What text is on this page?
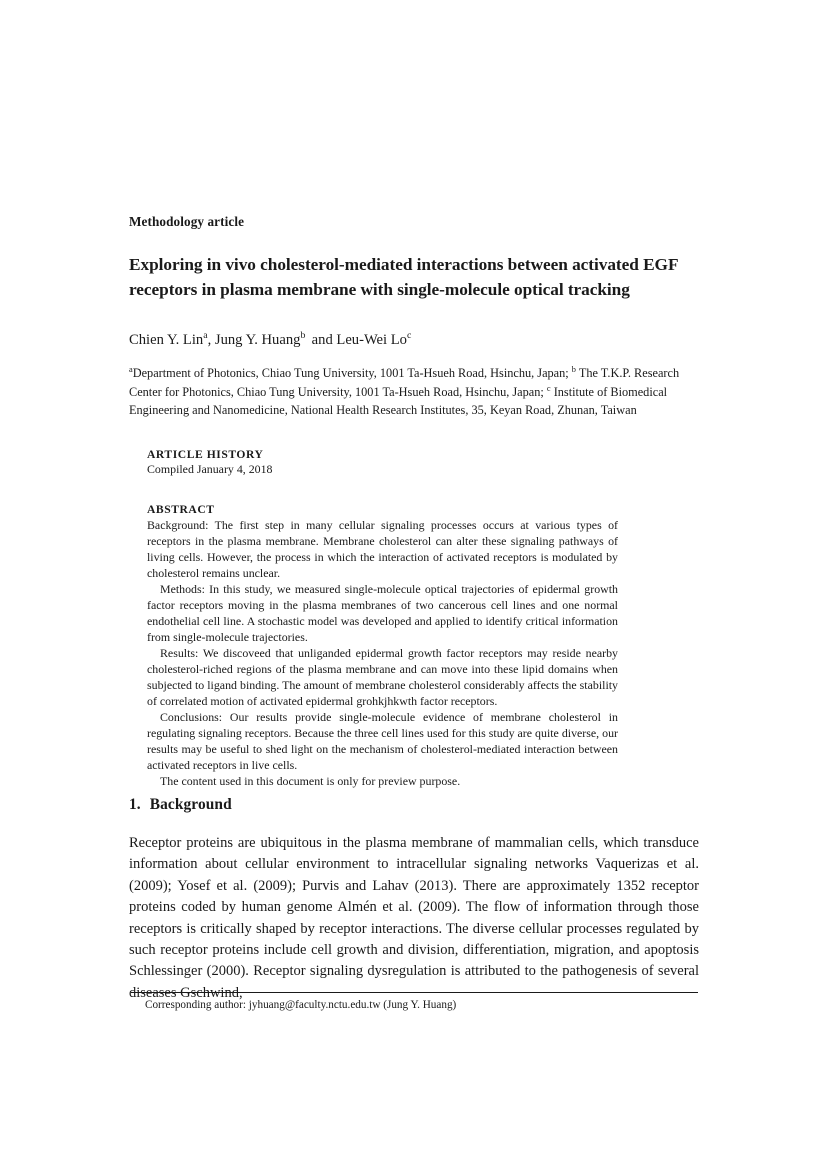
Methodology article

Exploring in vivo cholesterol-mediated interactions between activated EGF receptors in plasma membrane with single-molecule optical tracking

Chien Y. Lin$^a$, Jung Y. Huang$^b$ and Leu-Wei Lo$^c$

$^a$Department of Photonics, Chiao Tung University, 1001 Ta-Hsueh Road, Hsinchu, Japan; $^b$ The T.K.P. Research Center for Photonics, Chiao Tung University, 1001 Ta-Hsueh Road, Hsinchu, Japan; $^c$ Institute of Biomedical Engineering and Nanomedicine, National Health Research Institutes, 35, Keyan Road, Zhunan, Taiwan

ARTICLE HISTORY

Compiled January 4, 2018

ABSTRACT

Background: The first step in many cellular signaling processes occurs at various types of receptors in the plasma membrane. Membrane cholesterol can alter these signaling pathways of living cells. However, the process in which the interaction of activated receptors is modulated by cholesterol remains unclear.

Methods: In this study, we measured single-molecule optical trajectories of epidermal growth factor receptors moving in the plasma membranes of two cancerous cell lines and one normal endothelial cell line. A stochastic model was developed and applied to identify critical information from single-molecule trajectories.

Results: We discoveed that unliganded epidermal growth factor receptors may reside nearby cholesterol-riched regions of the plasma membrane and can move into these lipid domains when subjected to ligand binding. The amount of membrane cholesterol considerably affects the stability of correlated motion of activated epidermal grohkjhkwth factor receptors.

Conclusions: Our results provide single-molecule evidence of membrane cholesterol in regulating signaling receptors. Because the three cell lines used for this study are quite diverse, our results may be useful to shed light on the mechanism of cholesterol-mediated interaction between activated receptors in live cells.

The content used in this document is only for preview purpose.

1. Background

Receptor proteins are ubiquitous in the plasma membrane of mammalian cells, which transduce information about cellular environment to intracellular signaling networks Vaquerizas et al. (2009); Yosef et al. (2009); Purvis and Lahav (2013). There are approximately 1352 receptor proteins coded by human genome Almén et al. (2009). The flow of information through those receptors is critically shaped by receptor interactions. The diverse cellular processes regulated by such receptor proteins include cell growth and division, differentiation, migration, and apoptosis Schlessinger (2000). Receptor signaling dysregulation is attributed to the pathogenesis of several diseases Gschwind,

Corresponding author: jyhuang@faculty.nctu.edu.tw (Jung Y. Huang)
